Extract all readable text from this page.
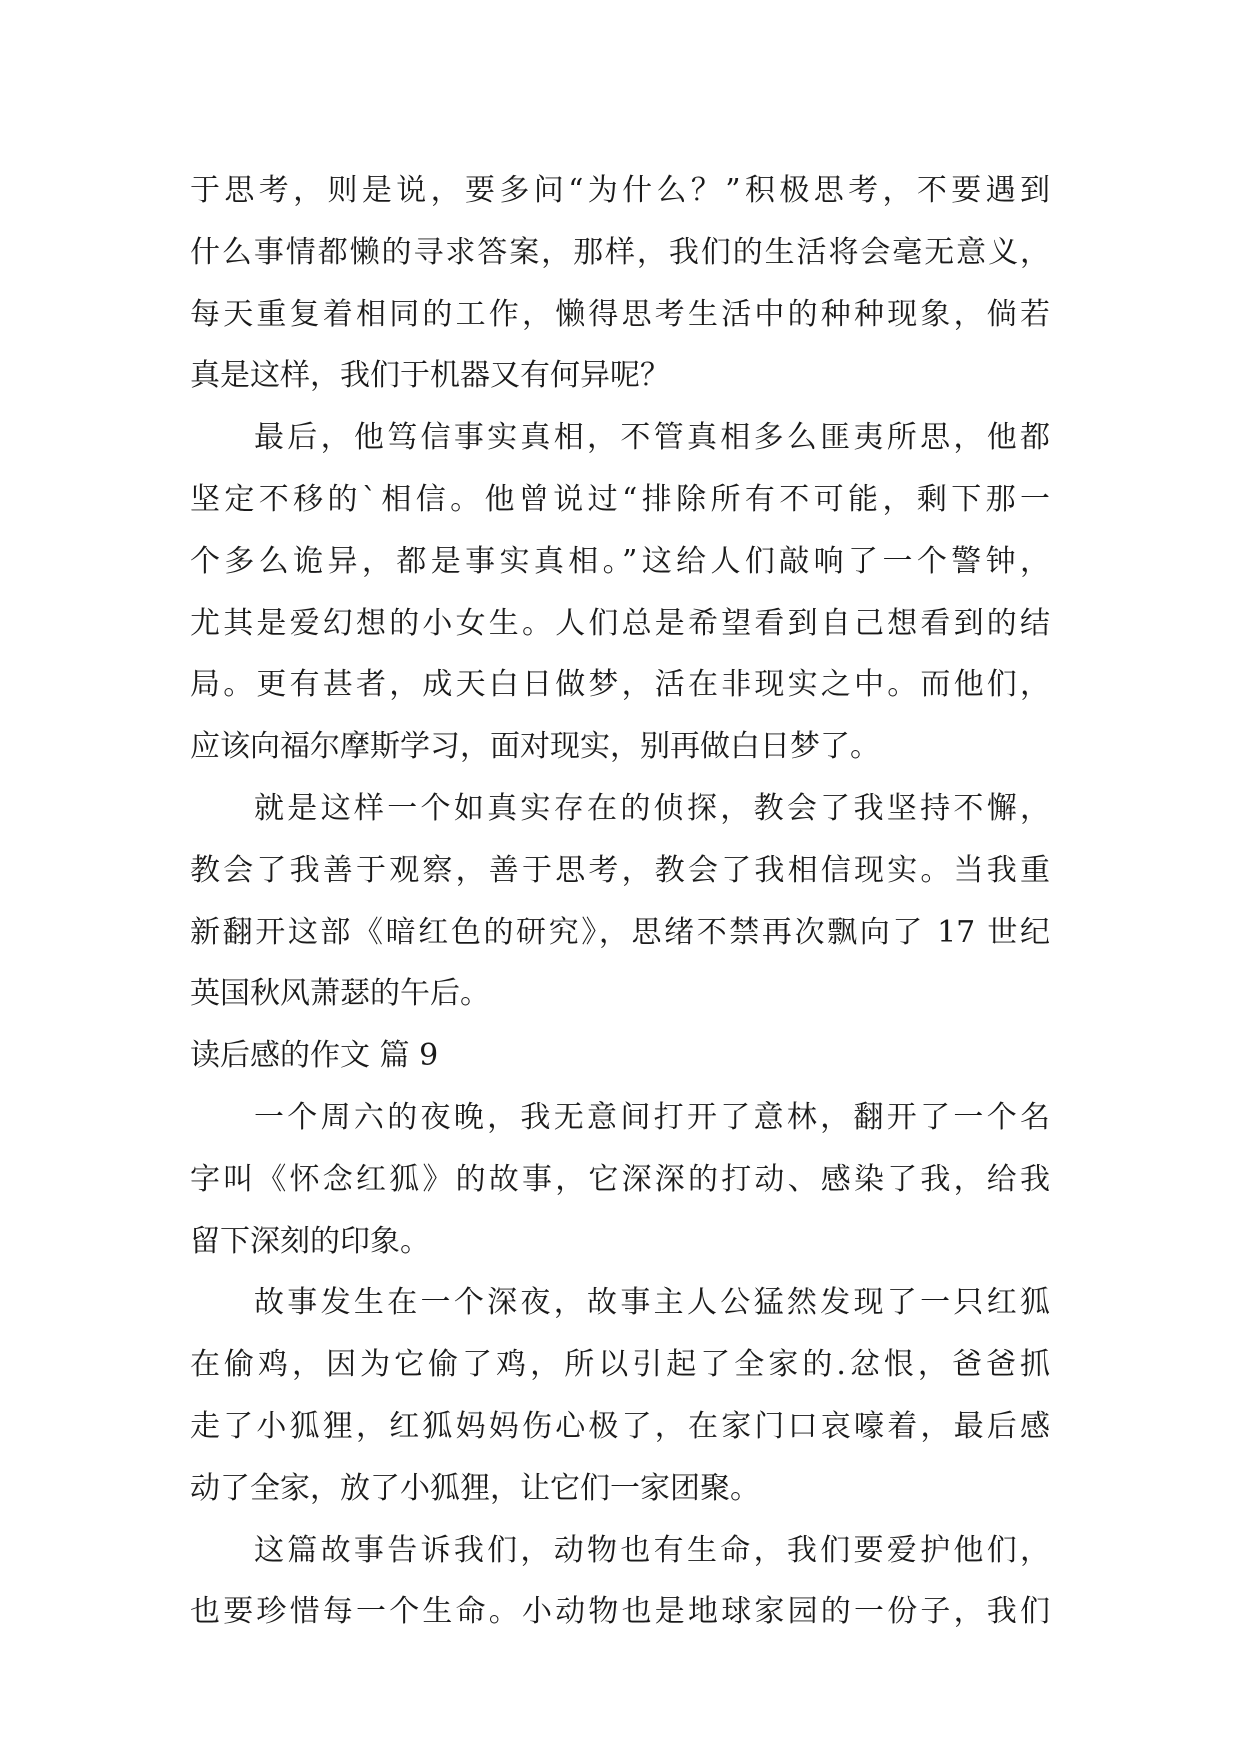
于思考，则是说，要多问“为什么？”积极思考，不要遇到
什么事情都懒的寻求答案，那样，我们的生活将会毫无意义，
每天重复着相同的工作，懒得思考生活中的种种现象，倘若
真是这样，我们于机器又有何异呢？
最后，他笃信事实真相，不管真相多么匪夷所思，他都
坚定不移的`相信。他曾说过“排除所有不可能，剩下那一
个多么诡异，都是事实真相。”这给人们敲响了一个警钟，
尤其是爱幻想的小女生。人们总是希望看到自己想看到的结
局。更有甚者，成天白日做梦，活在非现实之中。而他们，
应该向福尔摩斯学习，面对现实，别再做白日梦了。
就是这样一个如真实存在的侦探，教会了我坚持不懈，
教会了我善于观察，善于思考，教会了我相信现实。当我重
新翻开这部《暗红色的研究》，思绪不禁再次飘向了 17 世纪
英国秋风萧瑟的午后。
读后感的作文 篇 9
一个周六的夜晚，我无意间打开了意林，翻开了一个名
字叫《怀念红狐》的故事，它深深的打动、感染了我，给我
留下深刻的印象。
故事发生在一个深夜，故事主人公猛然发现了一只红狐
在偷鸡，因为它偷了鸡，所以引起了全家的.忿恨，爸爸抓
走了小狐狸，红狐妈妈伤心极了，在家门口哀嚎着，最后感
动了全家，放了小狐狸，让它们一家团聚。
这篇故事告诉我们，动物也有生命，我们要爱护他们，
也要珍惜每一个生命。小动物也是地球家园的一份子，我们
